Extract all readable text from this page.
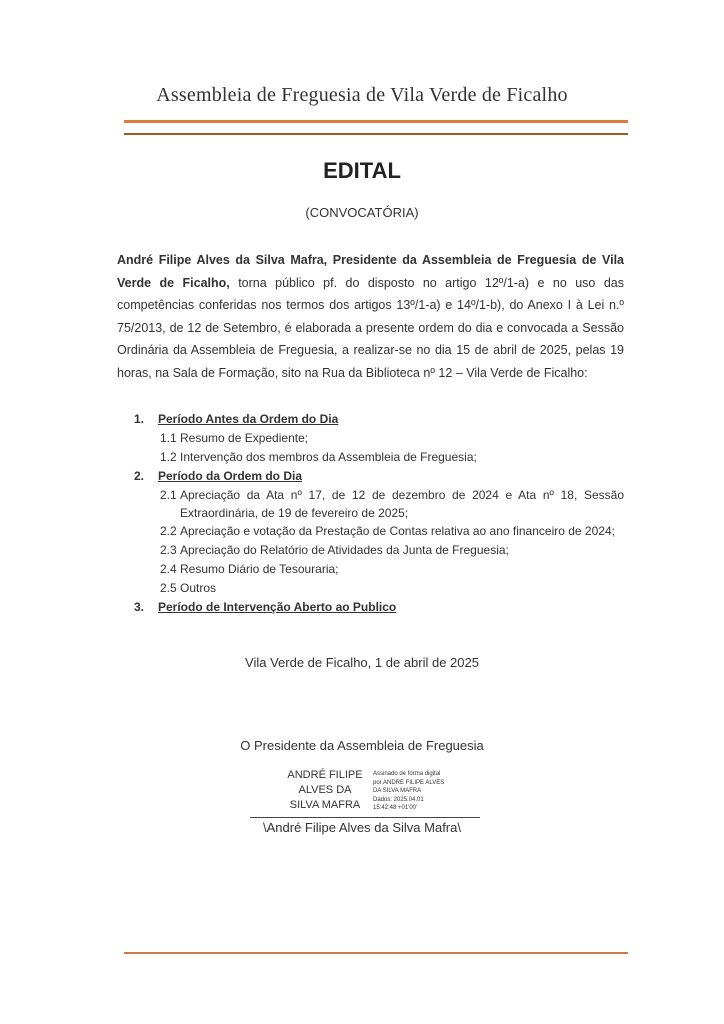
Assembleia de Freguesia de Vila Verde de Ficalho
EDITAL
(CONVOCATÓRIA)
André Filipe Alves da Silva Mafra, Presidente da Assembleia de Freguesia de Vila Verde de Ficalho, torna público pf. do disposto no artigo 12º/1-a) e no uso das competências conferidas nos termos dos artigos 13º/1-a) e 14º/1-b), do Anexo I à Lei n.º 75/2013, de 12 de Setembro, é elaborada a presente ordem do dia e convocada a Sessão Ordinária da Assembleia de Freguesia, a realizar-se no dia 15 de abril de 2025, pelas 19 horas, na Sala de Formação, sito na Rua da Biblioteca nº 12 – Vila Verde de Ficalho:
1. Período Antes da Ordem do Dia
1.1 Resumo de Expediente;
1.2 Intervenção dos membros da Assembleia de Freguesia;
2. Período da Ordem do Dia
2.1 Apreciação da Ata nº 17, de 12 de dezembro de 2024 e Ata nº 18, Sessão
Extraordinária, de 19 de fevereiro de 2025;
2.2 Apreciação e votação da Prestação de Contas relativa ao ano financeiro de 2024;
2.3 Apreciação do Relatório de Atividades da Junta de Freguesia;
2.4 Resumo Diário de Tesouraria;
2.5 Outros
3. Período de Intervenção Aberto ao Publico
Vila Verde de Ficalho, 1 de abril de 2025
O Presidente da Assembleia de Freguesia
ANDRÉ FILIPE
ALVES DA
SILVA MAFRA
Assinado de forma digital
por ANDRE FILIPE ALVES
DA SILVA MAFRA
Dados: 2025.04.01
15:42:48 +01'00'
\André Filipe Alves da Silva Mafra\
